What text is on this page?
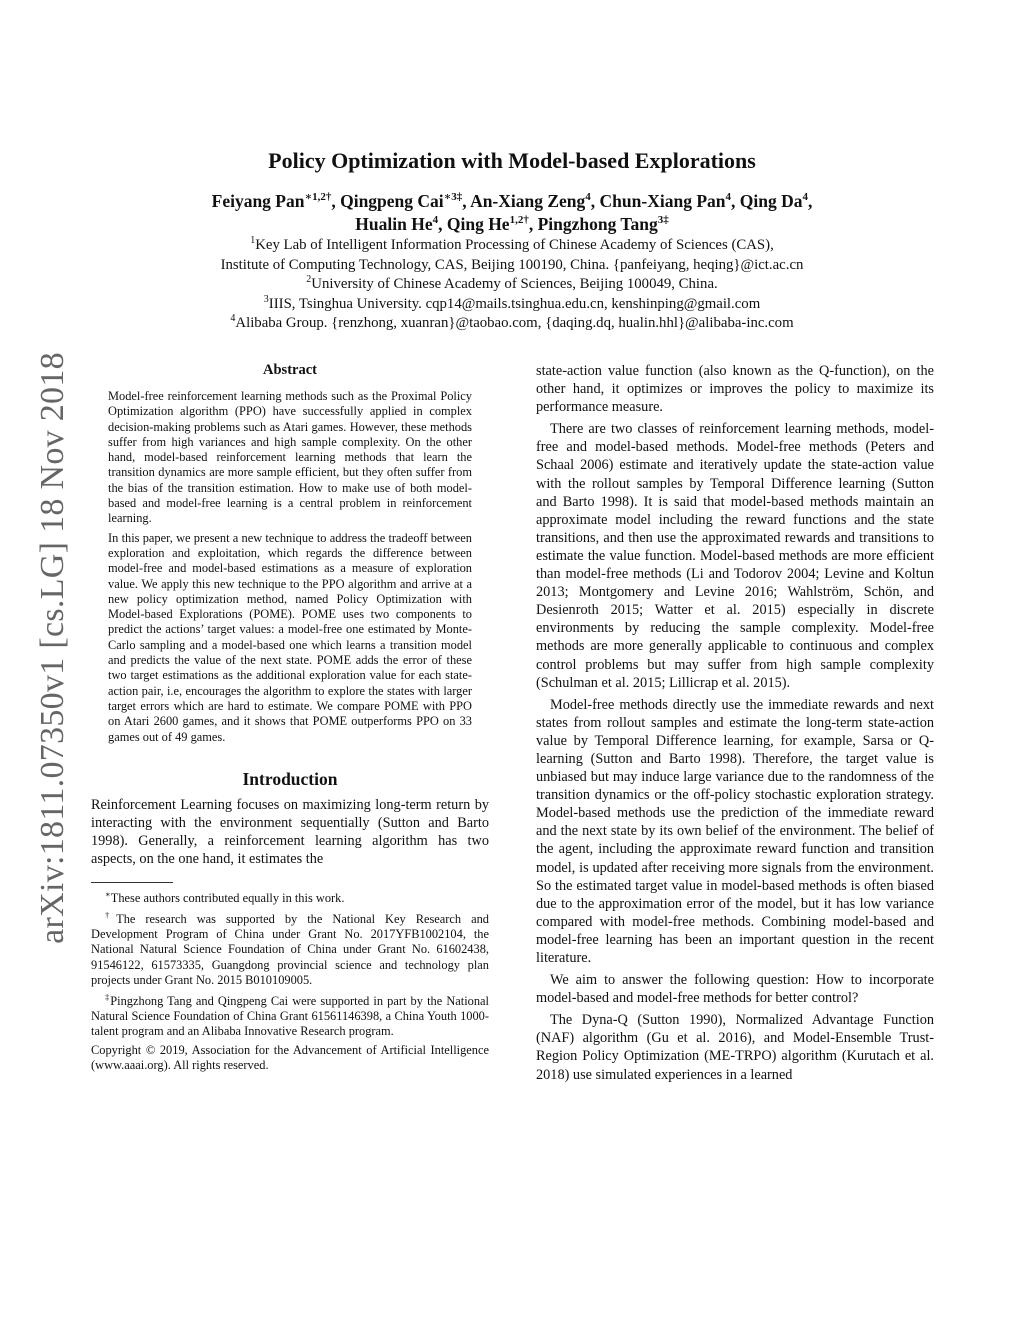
arXiv:1811.07350v1 [cs.LG] 18 Nov 2018
Policy Optimization with Model-based Explorations
Feiyang Pan$^{∗1,2\dagger}$, Qingpeng Cai$^{∗3\ddagger}$, An-Xiang Zeng$^4$, Chun-Xiang Pan$^4$, Qing Da$^4$,
Hualin He$^4$, Qing $He^{1,2\dagger}$, Pingzhong Tang$^{3\ddagger}$
$^1$Key Lab of Intelligent Information Processing of Chinese Academy of Sciences (CAS),
Institute of Computing Technology, CAS, Beijing 100190, China. {panfeiyang, heqing}@ict.ac.cn
$^2$University of Chinese Academy of Sciences, Beijing 100049, China.
$^3$IIIS, Tsinghua University. cqp14@mails.tsinghua.edu.cn, kenshinping@gmail.com
$^4$Alibaba Group. {renzhong, xuanran}@taobao.com, {daqing.dq, hualin.hhl}@alibaba-inc.com
Abstract

Model-free reinforcement learning methods such as the Proximal Policy Optimization algorithm (PPO) have successfully applied in complex decision-making problems such as Atari games. However, these methods suffer from high variances and high sample complexity. On the other hand, model-based reinforcement learning methods that learn the transition dynamics are more sample efficient, but they often suffer from the bias of the transition estimation. How to make use of both model-based and model-free learning is a central problem in reinforcement learning.

In this paper, we present a new technique to address the tradeoff between exploration and exploitation, which regards the difference between model-free and model-based estimations as a measure of exploration value. We apply this new technique to the PPO algorithm and arrive at a new policy optimization method, named Policy Optimization with Model-based Explorations (POME). POME uses two components to predict the actions’ target values: a model-free one estimated by Monte-Carlo sampling and a model-based one which learns a transition model and predicts the value of the next state. POME adds the error of these two target estimations as the additional exploration value for each state-action pair, i.e, encourages the algorithm to explore the states with larger target errors which are hard to estimate. We compare POME with PPO on Atari 2600 games, and it shows that POME outperforms PPO on 33 games out of 49 games.

Introduction

Reinforcement Learning focuses on maximizing long-term return by interacting with the environment sequentially (Sutton and Barto 1998). Generally, a reinforcement learning algorithm has two aspects, on the one hand, it estimates the

∗These authors contributed equally in this work.

†The research was supported by the National Key Research and Development Program of China under Grant No. 2017YFB1002104, the National Natural Science Foundation of China under Grant No. 61602438, 91546122, 61573335, Guangdong provincial science and technology plan projects under Grant No. 2015 B010109005.

‡Pingzhong Tang and Qingpeng Cai were supported in part by the National Natural Science Foundation of China Grant 61561146398, a China Youth 1000-talent program and an Alibaba Innovative Research program.

Copyright © 2019, Association for the Advancement of Artificial Intelligence (www.aaai.org). All rights reserved.

state-action value function (also known as the Q-function), on the other hand, it optimizes or improves the policy to maximize its performance measure.

There are two classes of reinforcement learning methods, model-free and model-based methods. Model-free methods (Peters and Schaal 2006) estimate and iteratively update the state-action value with the rollout samples by Temporal Difference learning (Sutton and Barto 1998). It is said that model-based methods maintain an approximate model including the reward functions and the state transitions, and then use the approximated rewards and transitions to estimate the value function. Model-based methods are more efficient than model-free methods (Li and Todorov 2004; Levine and Koltun 2013; Montgomery and Levine 2016; Wahlström, Schön, and Desienroth 2015; Watter et al. 2015) especially in discrete environments by reducing the sample complexity. Model-free methods are more generally applicable to continuous and complex control problems but may suffer from high sample complexity (Schulman et al. 2015; Lillicrap et al. 2015).

Model-free methods directly use the immediate rewards and next states from rollout samples and estimate the long-term state-action value by Temporal Difference learning, for example, Sarsa or Q-learning (Sutton and Barto 1998). Therefore, the target value is unbiased but may induce large variance due to the randomness of the transition dynamics or the off-policy stochastic exploration strategy. Model-based methods use the prediction of the immediate reward and the next state by its own belief of the environment. The belief of the agent, including the approximate reward function and transition model, is updated after receiving more signals from the environment. So the estimated target value in model-based methods is often biased due to the approximation error of the model, but it has low variance compared with model-free methods. Combining model-based and model-free learning has been an important question in the recent literature.

We aim to answer the following question: How to incorporate model-based and model-free methods for better control?

The Dyna-Q (Sutton 1990), Normalized Advantage Function (NAF) algorithm (Gu et al. 2016), and Model-Ensemble Trust-Region Policy Optimization (ME-TRPO) algorithm (Kurutach et al. 2018) use simulated experiences in a learned
